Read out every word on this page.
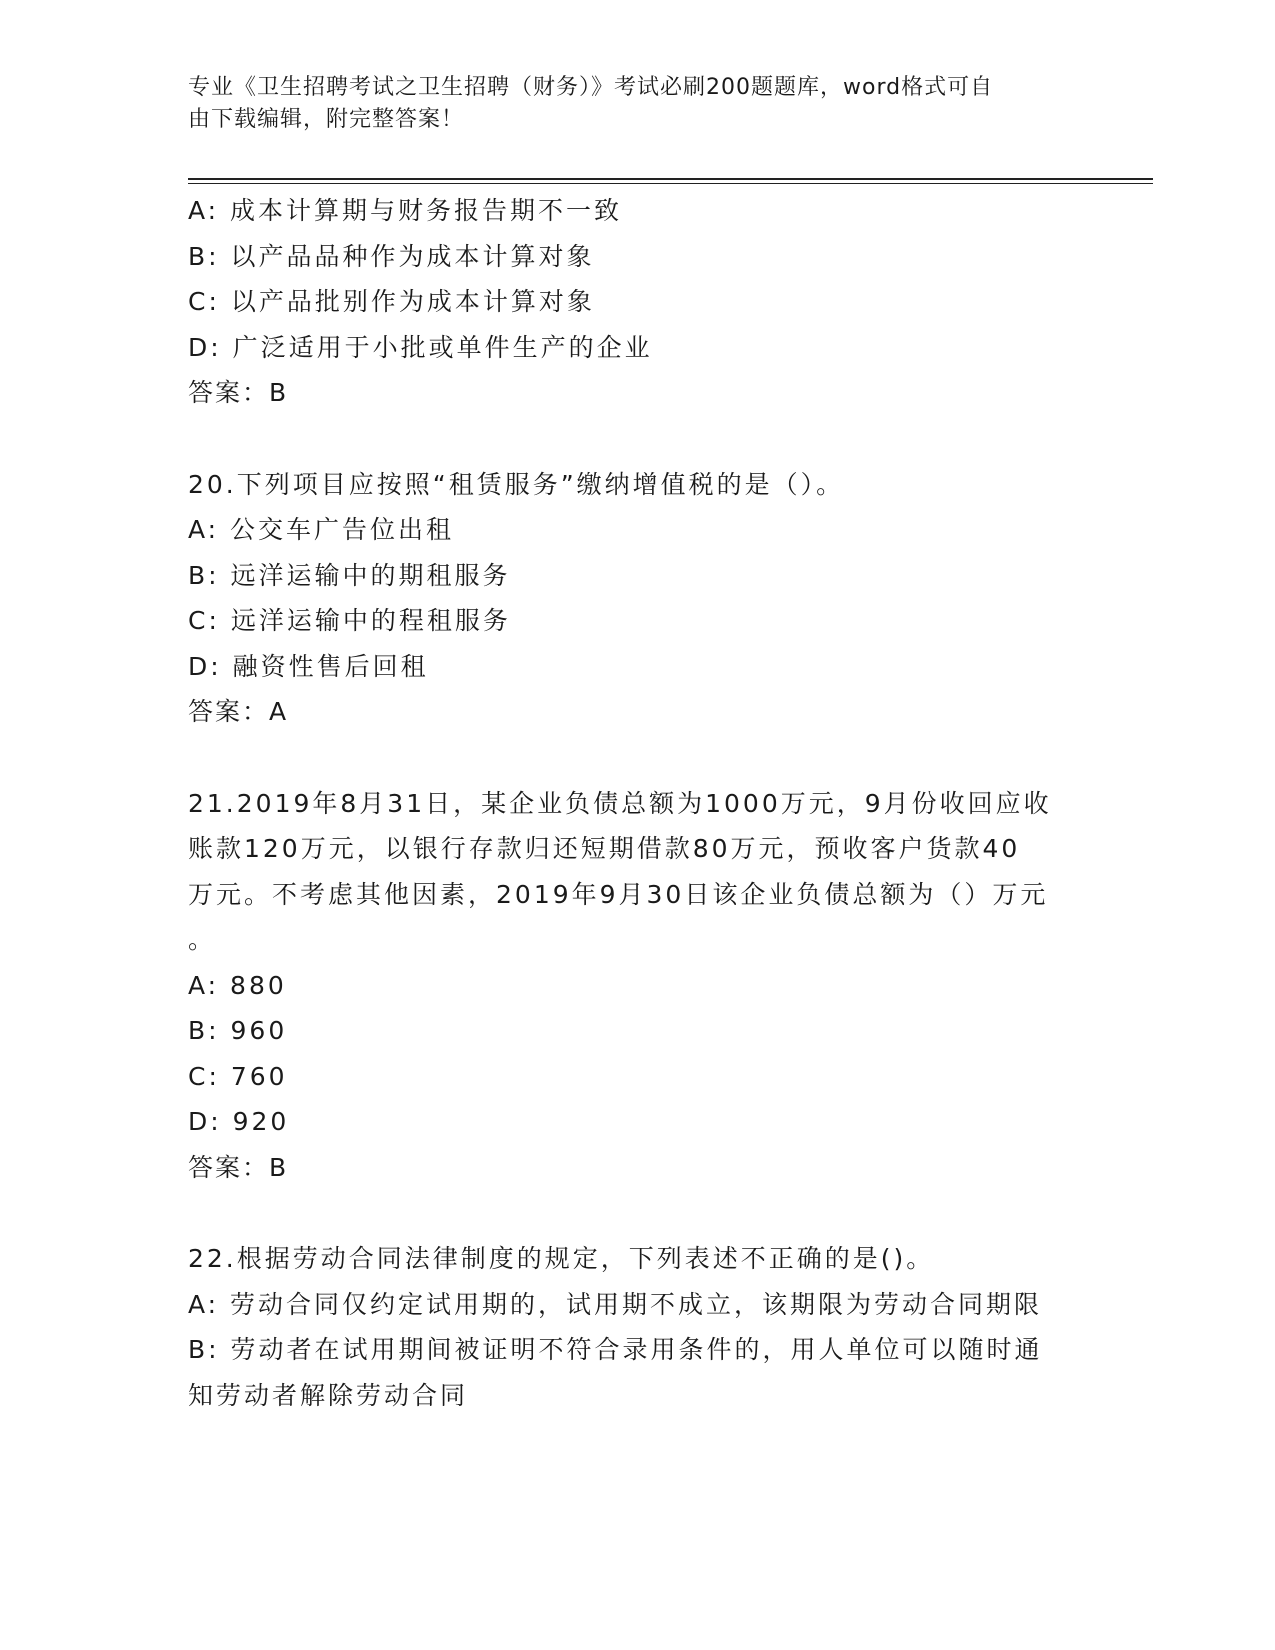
专业《卫生招聘考试之卫生招聘（财务）》考试必刷200题题库，word格式可自
由下载编辑，附完整答案！
A: 成本计算期与财务报告期不一致
B: 以产品品种作为成本计算对象
C: 以产品批别作为成本计算对象
D: 广泛适用于小批或单件生产的企业
答案：B
20.下列项目应按照“租赁服务”缴纳增值税的是（）。
A: 公交车广告位出租
B: 远洋运输中的期租服务
C: 远洋运输中的程租服务
D: 融资性售后回租
答案：A
21.2019年8月31日，某企业负债总额为1000万元，9月份收回应收
账款120万元，以银行存款归还短期借款80万元，预收客户货款40
万元。不考虑其他因素，2019年9月30日该企业负债总额为（）万元
。
A: 880
B: 960
C: 760
D: 920
答案：B
22.根据劳动合同法律制度的规定，下列表述不正确的是()。
A: 劳动合同仅约定试用期的，试用期不成立，该期限为劳动合同期限
B: 劳动者在试用期间被证明不符合录用条件的，用人单位可以随时通
知劳动者解除劳动合同
